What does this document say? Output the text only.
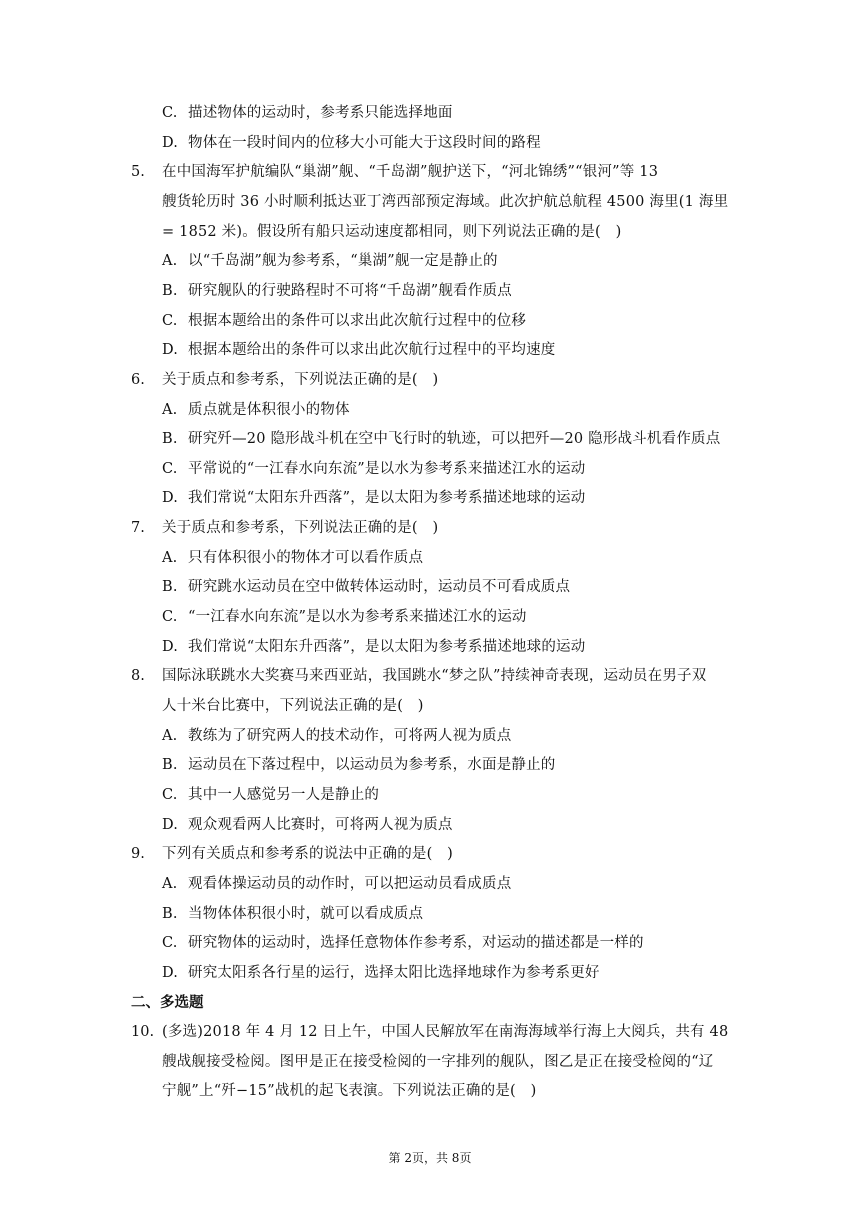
C. 描述物体的运动时，参考系只能选择地面
D. 物体在一段时间内的位移大小可能大于这段时间的路程
5. 在中国海军护航编队“巢湖”舰、“千岛湖”舰护送下，“河北锦绣”“银河”等 13
艘货轮历时 36 小时顺利抵达亚丁湾西部预定海域。此次护航总航程 4500 海里(1 海里
= 1852 米)。假设所有船只运动速度都相同，则下列说法正确的是( )
A. 以“千岛湖”舰为参考系，“巢湖”舰一定是静止的
B. 研究舰队的行驶路程时不可将“千岛湖”舰看作质点
C. 根据本题给出的条件可以求出此次航行过程中的位移
D. 根据本题给出的条件可以求出此次航行过程中的平均速度
6. 关于质点和参考系，下列说法正确的是( )
A. 质点就是体积很小的物体
B. 研究歼—20 隐形战斗机在空中飞行时的轨迹，可以把歼—20 隐形战斗机看作质点
C. 平常说的“一江春水向东流”是以水为参考系来描述江水的运动
D. 我们常说“太阳东升西落”，是以太阳为参考系描述地球的运动
7. 关于质点和参考系，下列说法正确的是( )
A. 只有体积很小的物体才可以看作质点
B. 研究跳水运动员在空中做转体运动时，运动员不可看成质点
C. “一江春水向东流”是以水为参考系来描述江水的运动
D. 我们常说“太阳东升西落”，是以太阳为参考系描述地球的运动
8. 国际泳联跳水大奖赛马来西亚站，我国跳水“梦之队”持续神奇表现，运动员在男子双
人十米台比赛中，下列说法正确的是( )
A. 教练为了研究两人的技术动作，可将两人视为质点
B. 运动员在下落过程中，以运动员为参考系，水面是静止的
C. 其中一人感觉另一人是静止的
D. 观众观看两人比赛时，可将两人视为质点
9. 下列有关质点和参考系的说法中正确的是( )
A. 观看体操运动员的动作时，可以把运动员看成质点
B. 当物体体积很小时，就可以看成质点
C. 研究物体的运动时，选择任意物体作参考系，对运动的描述都是一样的
D. 研究太阳系各行星的运行，选择太阳比选择地球作为参考系更好
二、多选题
10. (多选)2018 年 4 月 12 日上午，中国人民解放军在南海海域举行海上大阅兵，共有 48
艘战舰接受检阅。图甲是正在接受检阅的一字排列的舰队，图乙是正在接受检阅的“辽
宁舰”上“歼−15”战机的起飞表演。下列说法正确的是( )
第 2页，共 8页
